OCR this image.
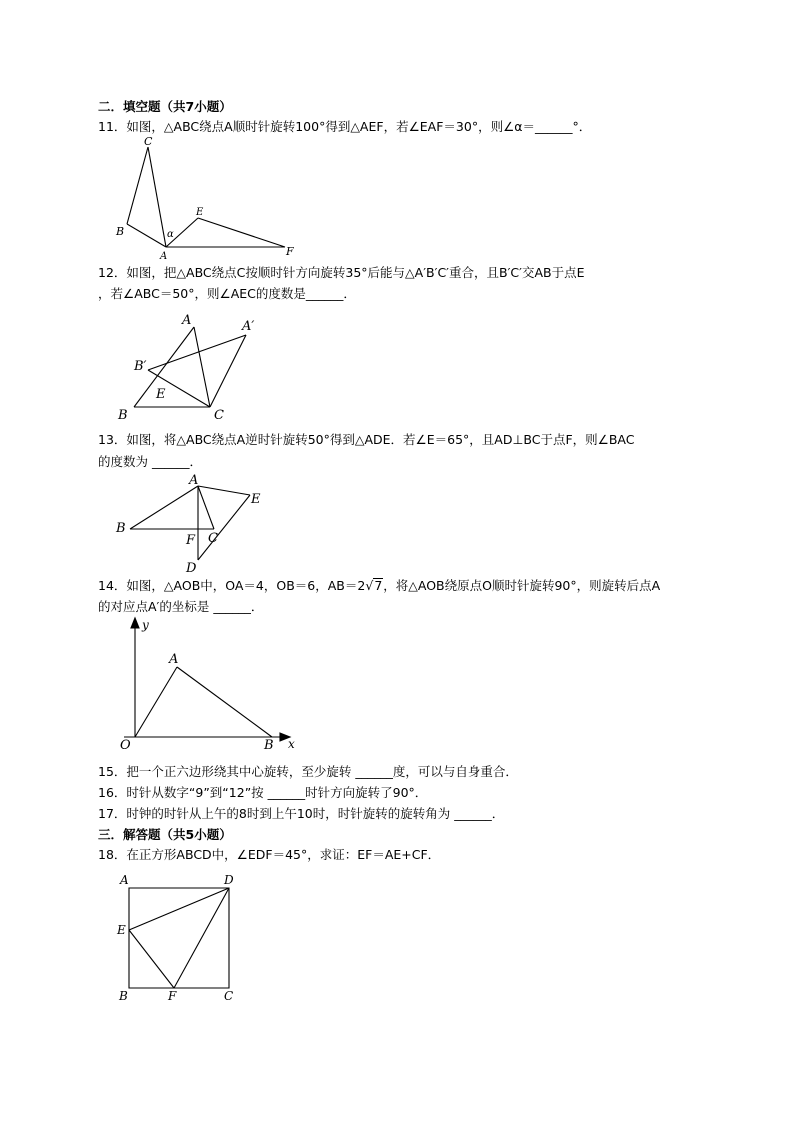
二．填空题（共7小题）
11．如图，△ABC绕点A顺时针旋转100°得到△AEF，若∠EAF＝30°，则∠α＝______°．
C
B
A
α
E
F
12．如图，把△ABC绕点C按顺时针方向旋转35°后能与△A′B′C′重合，且B′C′交AB于点E
，若∠ABC＝50°，则∠AEC的度数是______．
A	A′
B′
E
B	C
13．如图，将△ABC绕点A逆时针旋转50°得到△ADE．若∠E＝65°，且AD⊥BC于点F，则∠BAC
的度数为 ______．
A
E
B
F C
D
14．如图，△AOB中，OA＝4，OB＝6，AB＝2√7，将△AOB绕原点O顺时针旋转90°，则旋转后点A
的对应点A′的坐标是 ______．
y
A
O	B x
15．把一个正六边形绕其中心旋转，至少旋转 ______度，可以与自身重合．
16．时针从数字“9”到“12”按 ______时针方向旋转了90°．
17．时钟的时针从上午的8时到上午10时，时针旋转的旋转角为 ______．
三．解答题（共5小题）
18．在正方形ABCD中，∠EDF＝45°，求证：EF＝AE+CF．
A	D
E
B	F	C
